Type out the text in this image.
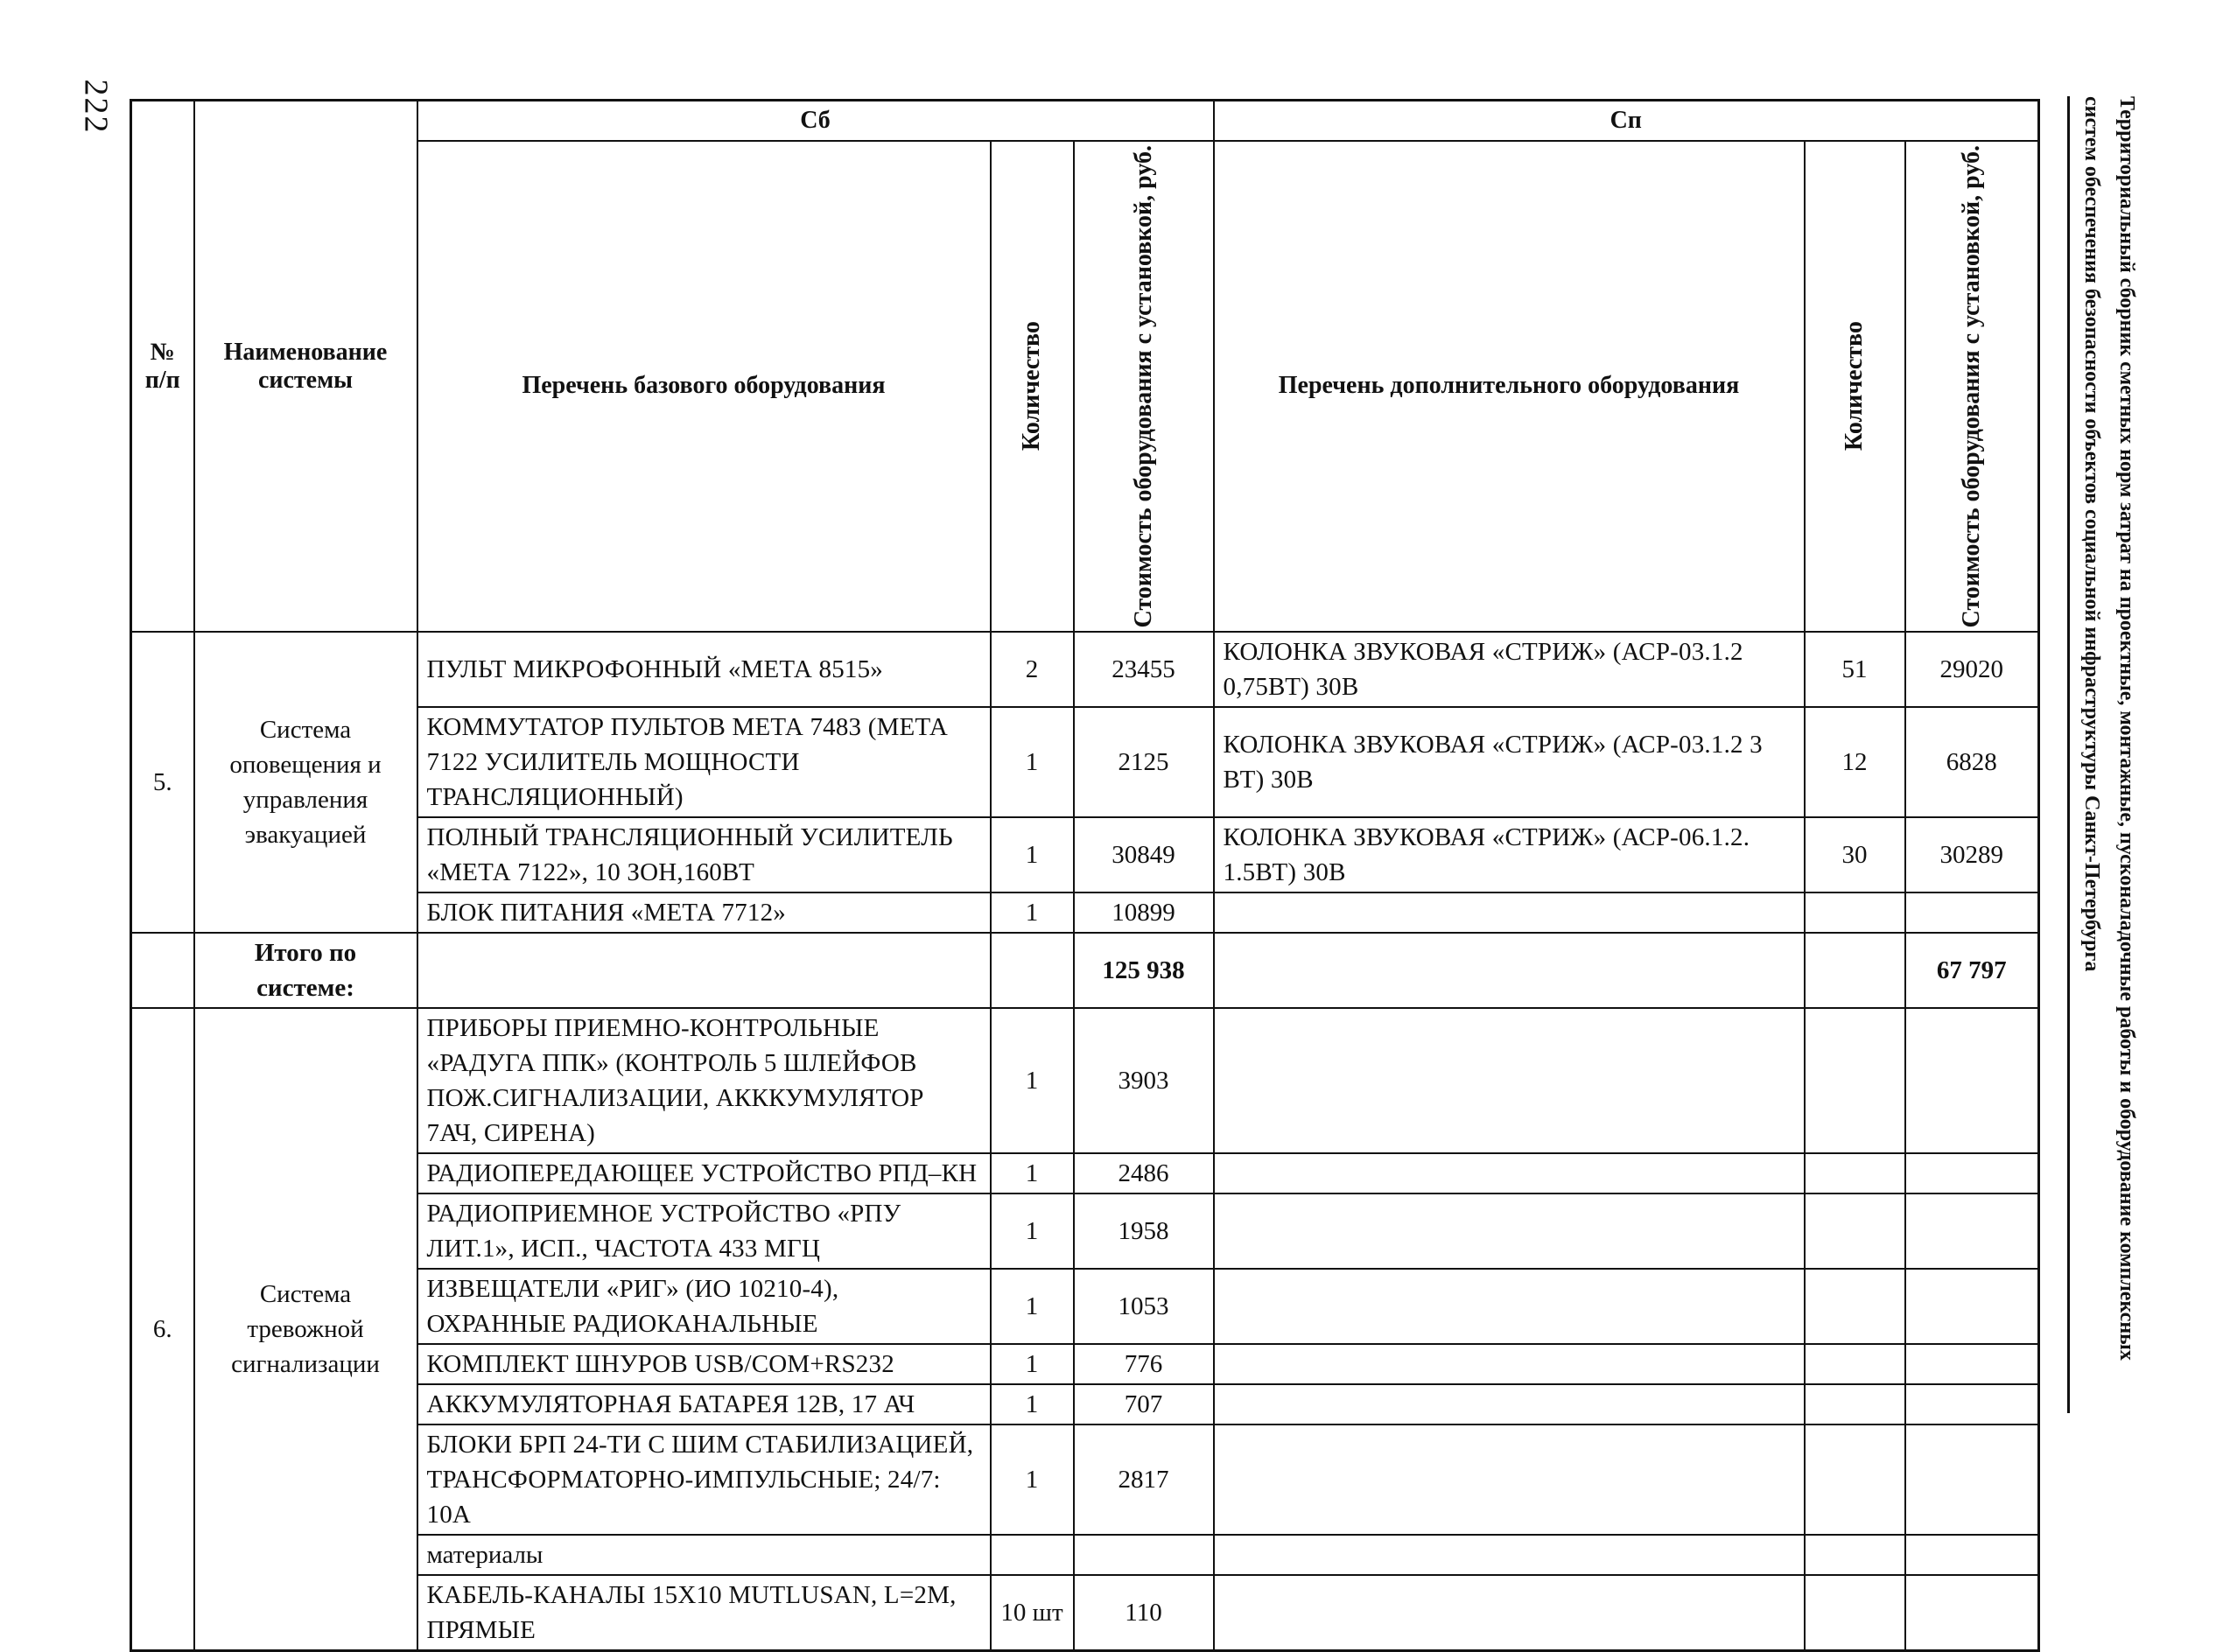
222	Территориальный сборник сметных норм затрат на проектные, монтажные, пусконаладочные работы и оборудование комплексных систем обеспечения безопасности объектов социальной инфраструктуры Санкт-Петербурга
№ п/п	Наименование системы	Сб			Сп		
		Перечень базового оборудования	Количество	Стоимость оборудования с установкой, руб.	Перечень дополнительного оборудования	Количество	Стоимость оборудования с установкой, руб.

5.	Система оповещения и управления эвакуацией	ПУЛЬТ МИКРОФОННЫЙ «МЕТА 8515»	2	23455	КОЛОНКА ЗВУКОВАЯ «СТРИЖ» (АСР-03.1.2 0,75ВТ) 30В	51	29020
		КОММУТАТОР ПУЛЬТОВ МЕТА 7483 (МЕТА 7122 УСИЛИТЕЛЬ МОЩНОСТИ ТРАНСЛЯЦИОННЫЙ)	1	2125	КОЛОНКА ЗВУКОВАЯ «СТРИЖ» (АСР-03.1.2 3 ВТ) 30В	12	6828
		ПОЛНЫЙ ТРАНСЛЯЦИОННЫЙ УСИЛИТЕЛЬ «МЕТА 7122», 10 ЗОН,160ВТ	1	30849	КОЛОНКА ЗВУКОВАЯ «СТРИЖ» (АСР-06.1.2. 1.5ВТ) 30В	30	30289
		БЛОК ПИТАНИЯ «МЕТА 7712»	1	10899			
	Итого по системе:			125 938			67 797
6.	Система тревожной сигнализации	ПРИБОРЫ ПРИЕМНО-КОНТРОЛЬНЫЕ «РАДУГА ППК» (КОНТРОЛЬ 5 ШЛЕЙФОВ ПОЖ.СИГНАЛИЗАЦИИ, АКККУМУЛЯТОР 7АЧ, СИРЕНА)	1	3903			
		РАДИОПЕРЕДАЮЩЕЕ УСТРОЙСТВО РПД–КН	1	2486			
		РАДИОПРИЕМНОЕ УСТРОЙСТВО «РПУ ЛИТ.1», ИСП., ЧАСТОТА 433 МГЦ	1	1958			
		ИЗВЕЩАТЕЛИ «РИГ» (ИО 10210-4), ОХРАННЫЕ РАДИОКАНАЛЬНЫЕ	1	1053			
		КОМПЛЕКТ ШНУРОВ USB/COM+RS232	1	776			
		АККУМУЛЯТОРНАЯ БАТАРЕЯ 12В, 17 АЧ	1	707			
		БЛОКИ БРП 24-ТИ С ШИМ СТАБИЛИЗАЦИЕЙ, ТРАНСФОРМАТОРНО-ИМПУЛЬСНЫЕ; 24/7: 10А	1	2817			
		материалы					
		КАБЕЛЬ-КАНАЛЫ 15Х10 MUTLUSAN, L=2М, ПРЯМЫЕ	10 шт	110			
